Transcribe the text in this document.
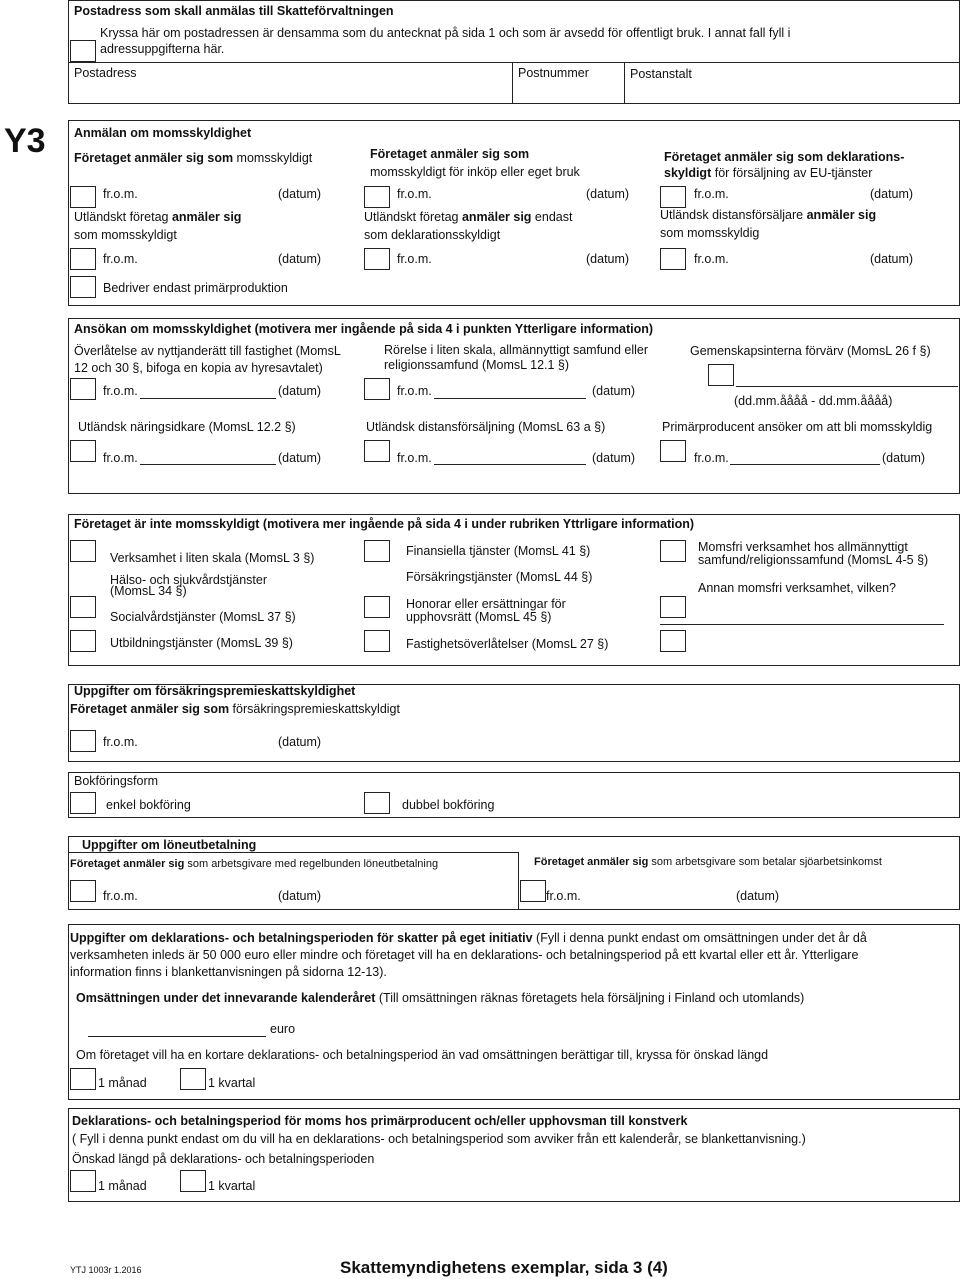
Postadress som skall anmälas till Skatteförvaltningen
Kryssa här om postadressen är densamma som du antecknat på sida 1 och som är avsedd för offentligt bruk. I annat fall fyll i
adressuppgifterna här.
Postadress	Postnummer	Postanstalt
Y3 Anmälan om momsskyldighet
Företaget anmäler sig som momsskyldigt	Företaget anmäler sig som
momsskyldigt för inköp eller eget bruk
Företaget anmäler sig som deklarations-
skyldigt för försäljning av EU-tjänster
fr.o.m.	(datum)	fr.o.m.	(datum)	fr.o.m.	(datum)
Utländskt företag anmäler sig
som momsskyldigt
Utländskt företag anmäler sig endast
som deklarationsskyldigt
Utländsk distansförsäljare anmäler sig
som momsskyldig
fr.o.m.	(datum)	fr.o.m.	(datum)	fr.o.m.	(datum)
Bedriver endast primärproduktion
Ansökan om momsskyldighet (motivera mer ingående på sida 4 i punkten Ytterligare information)
Överlåtelse av nyttjanderätt till fastighet (MomsL
12 och 30 §, bifoga en kopia av hyresavtalet)
Rörelse i liten skala, allmännyttigt samfund eller
religionssamfund (MomsL 12.1 §)
Gemenskapsinterna förvärv (MomsL 26 f §)
fr.o.m.	(datum)	fr.o.m.	(datum)
(dd.mm.åååå - dd.mm.åååå)
Utländsk näringsidkare (MomsL 12.2 §)	Utländsk distansförsäljning (MomsL 63 a §)	Primärproducent ansöker om att bli momsskyldig
fr.o.m.	(datum)	fr.o.m.	(datum)	fr.o.m.	(datum)
Företaget är inte momsskyldigt (motivera mer ingående på sida 4 i under rubriken Yttrligare information)
Verksamhet i liten skala (MomsL 3 §)
Hälso- och sjukvårdstjänster
(MomsL 34 §)
Socialvårdstjänster (MomsL 37 §)
Utbildningstjänster (MomsL 39 §)
Finansiella tjänster (MomsL 41 §)
Försäkringstjänster (MomsL 44 §)
Honorar eller ersättningar för
upphovsrätt (MomsL 45 §)
Fastighetsöverlåtelser (MomsL 27 §)
Momsfri verksamhet hos allmännyttigt
samfund/religionssamfund (MomsL 4-5 §)
Annan momsfri verksamhet, vilken?
Uppgifter om försäkringspremieskattskyldighet
Företaget anmäler sig som försäkringspremieskattskyldigt
fr.o.m.	(datum)
Bokföringsform
enkel bokföring	dubbel bokföring
Uppgifter om löneutbetalning
Företaget anmäler sig som arbetsgivare med regelbunden löneutbetalning	Företaget anmäler sig som arbetsgivare som betalar sjöarbetsinkomst
fr.o.m.	(datum)	fr.o.m.	(datum)
Uppgifter om deklarations- och betalningsperioden för skatter på eget initiativ (Fyll i denna punkt endast om omsättningen under det år då
verksamheten inleds är 50 000 euro eller mindre och företaget vill ha en deklarations- och betalningsperiod på ett kvartal eller ett år. Ytterligare
information finns i blankettanvisningen på sidorna 12-13).
Omsättningen under det innevarande kalenderåret (Till omsättningen räknas företagets hela försäljning i Finland och utomlands)
euro
Om företaget vill ha en kortare deklarations- och betalningsperiod än vad omsättningen berättigar till, kryssa för önskad längd
1 månad	1 kvartal
Deklarations- och betalningsperiod för moms hos primärproducent och/eller upphovsman till konstverk
( Fyll i denna punkt endast om du vill ha en deklarations- och betalningsperiod som avviker från ett kalenderår, se blankettanvisning.)
Önskad längd på deklarations- och betalningsperioden
1 månad	1 kvartal
YTJ 1003r 1.2016	Skattemyndighetens exemplar, sida 3 (4)
